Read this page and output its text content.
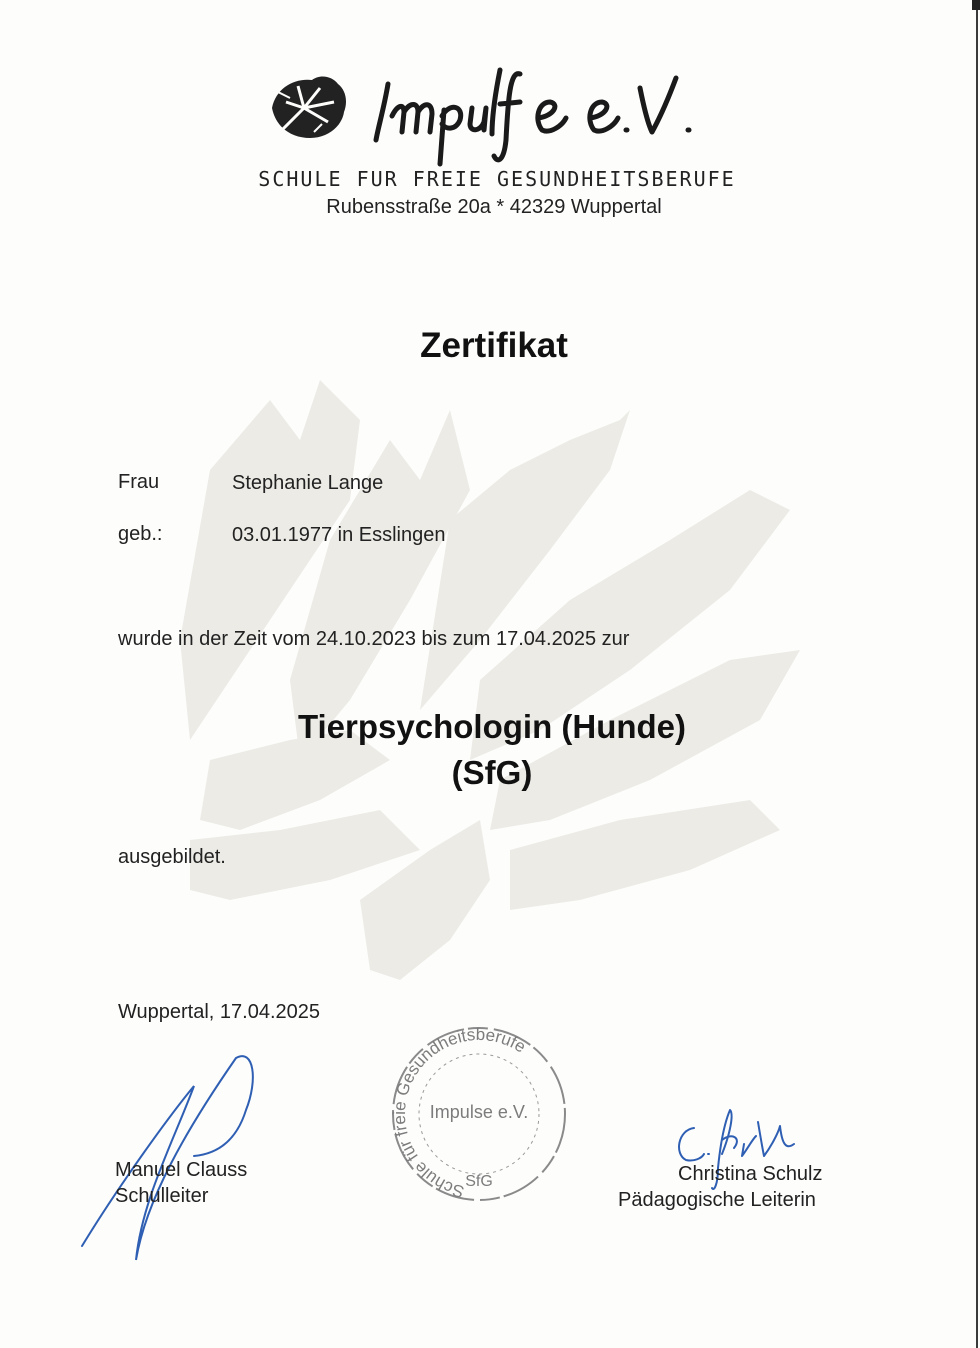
SCHULE FUR FREIE GESUNDHEITSBERUFE
Rubensstraße 20a * 42329 Wuppertal
Zertifikat
Frau	Stephanie Lange
geb.:	03.01.1977 in Esslingen
wurde in der Zeit vom 24.10.2023 bis zum 17.04.2025 zur
Tierpsychologin (Hunde)
(SfG)
ausgebildet.
Wuppertal, 17.04.2025
Schule für freie Gesundheitsberufe
Impulse e.V.
SfG
Manuel Clauss
Schulleiter
Christina Schulz
Pädagogische Leiterin
